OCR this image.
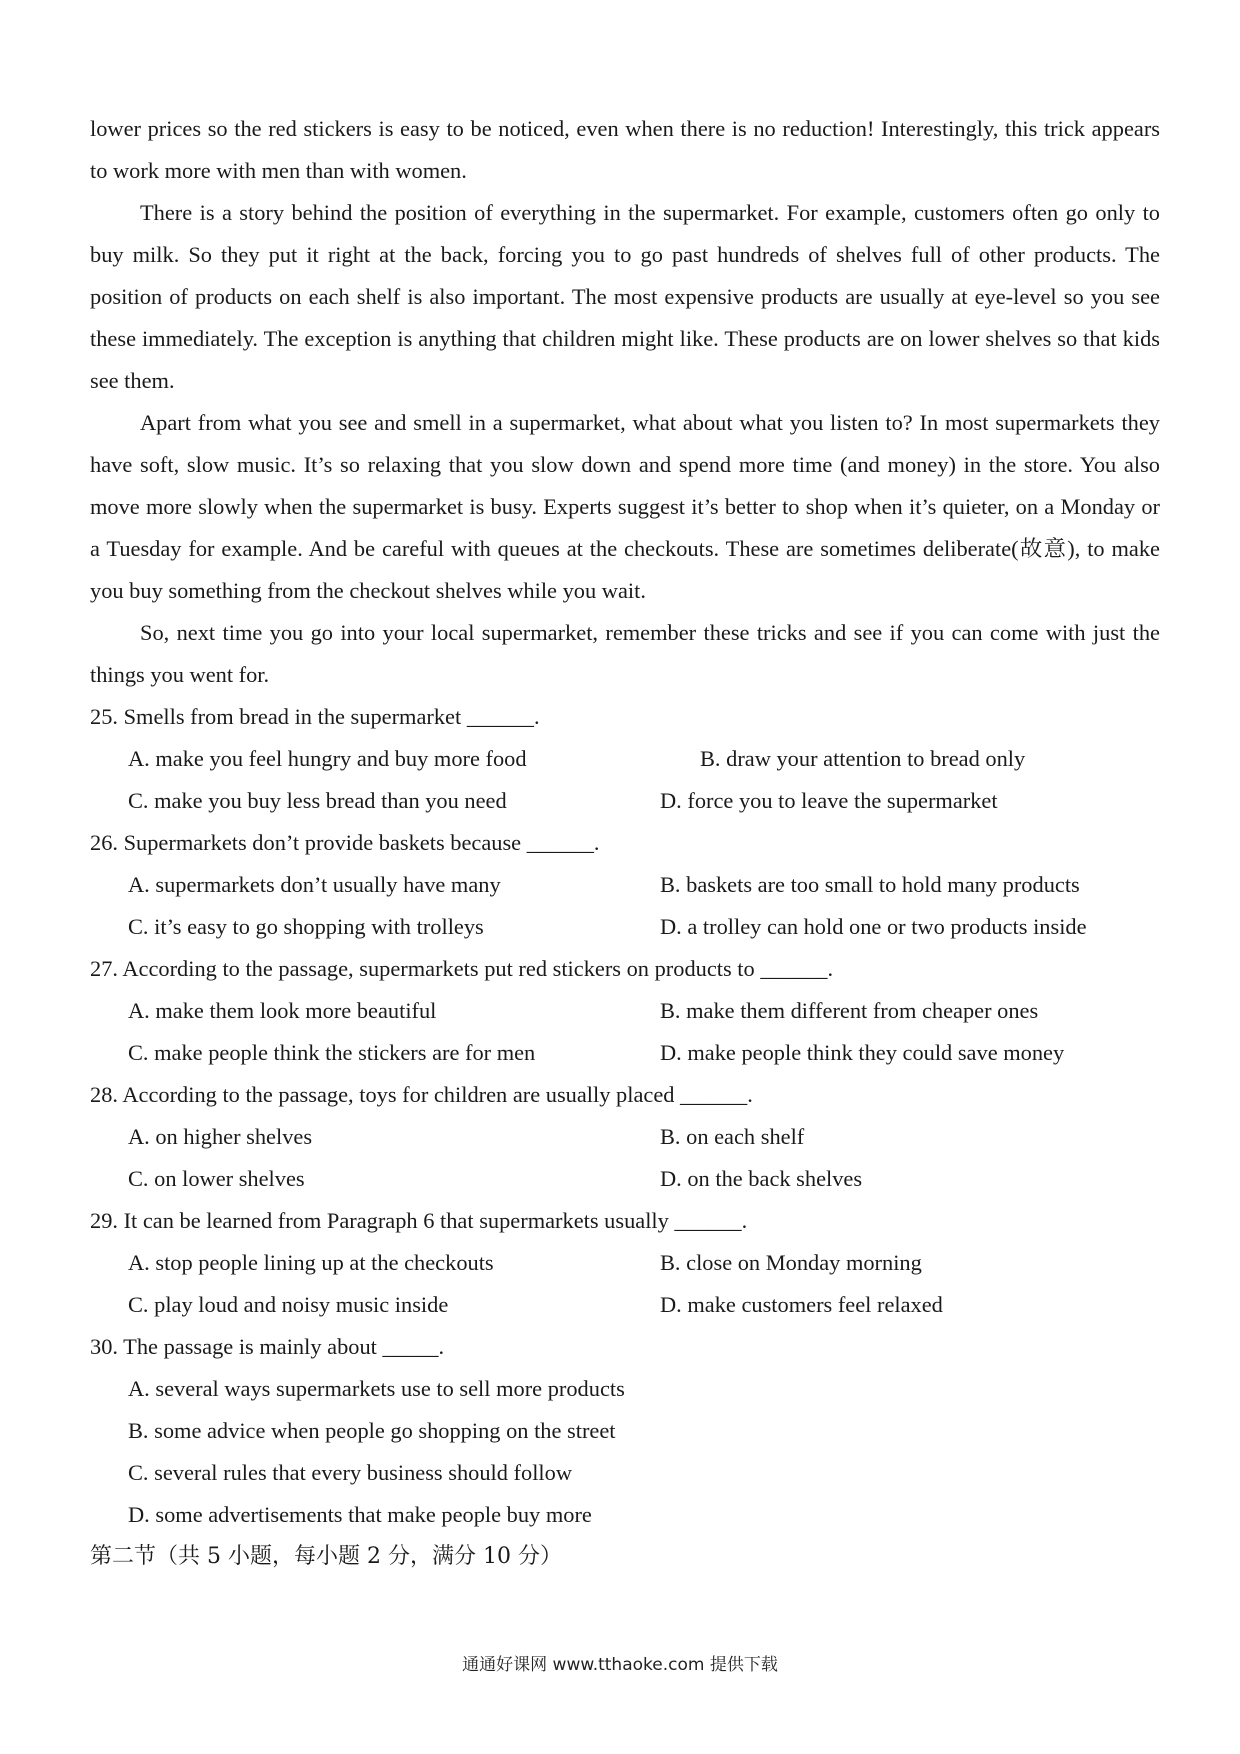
lower prices so the red stickers is easy to be noticed, even when there is no reduction! Interestingly, this trick appears to work more with men than with women.

There is a story behind the position of everything in the supermarket. For example, customers often go only to buy milk. So they put it right at the back, forcing you to go past hundreds of shelves full of other products. The position of products on each shelf is also important. The most expensive products are usually at eye-level so you see these immediately. The exception is anything that children might like. These products are on lower shelves so that kids see them.

Apart from what you see and smell in a supermarket, what about what you listen to? In most supermarkets they have soft, slow music. It’s so relaxing that you slow down and spend more time (and money) in the store. You also move more slowly when the supermarket is busy. Experts suggest it’s better to shop when it’s quieter, on a Monday or a Tuesday for example. And be careful with queues at the checkouts. These are sometimes deliberate(故意), to make you buy something from the checkout shelves while you wait.

So, next time you go into your local supermarket, remember these tricks and see if you can come with just the things you went for.

25. Smells from bread in the supermarket ______.

A. make you feel hungry and buy more food	B. draw your attention to bread only
C. make you buy less bread than you need	D. force you to leave the supermarket

26. Supermarkets don’t provide baskets because ______.

A. supermarkets don’t usually have many	B. baskets are too small to hold many products
C. it’s easy to go shopping with trolleys	D. a trolley can hold one or two products inside

27. According to the passage, supermarkets put red stickers on products to ______.

A. make them look more beautiful	B. make them different from cheaper ones
C. make people think the stickers are for men	D. make people think they could save money

28. According to the passage, toys for children are usually placed ______.

A. on higher shelves	B. on each shelf
C. on lower shelves	D. on the back shelves

29. It can be learned from Paragraph 6 that supermarkets usually ______.

A. stop people lining up at the checkouts	B. close on Monday morning
C. play loud and noisy music inside	D. make customers feel relaxed

30. The passage is mainly about _____.

A. several ways supermarkets use to sell more products
B. some advice when people go shopping on the street
C. several rules that every business should follow
D. some advertisements that make people buy more

第二节（共 5 小题，每小题 2 分，满分 10 分）

通通好课网 www.tthaoke.com 提供下载
